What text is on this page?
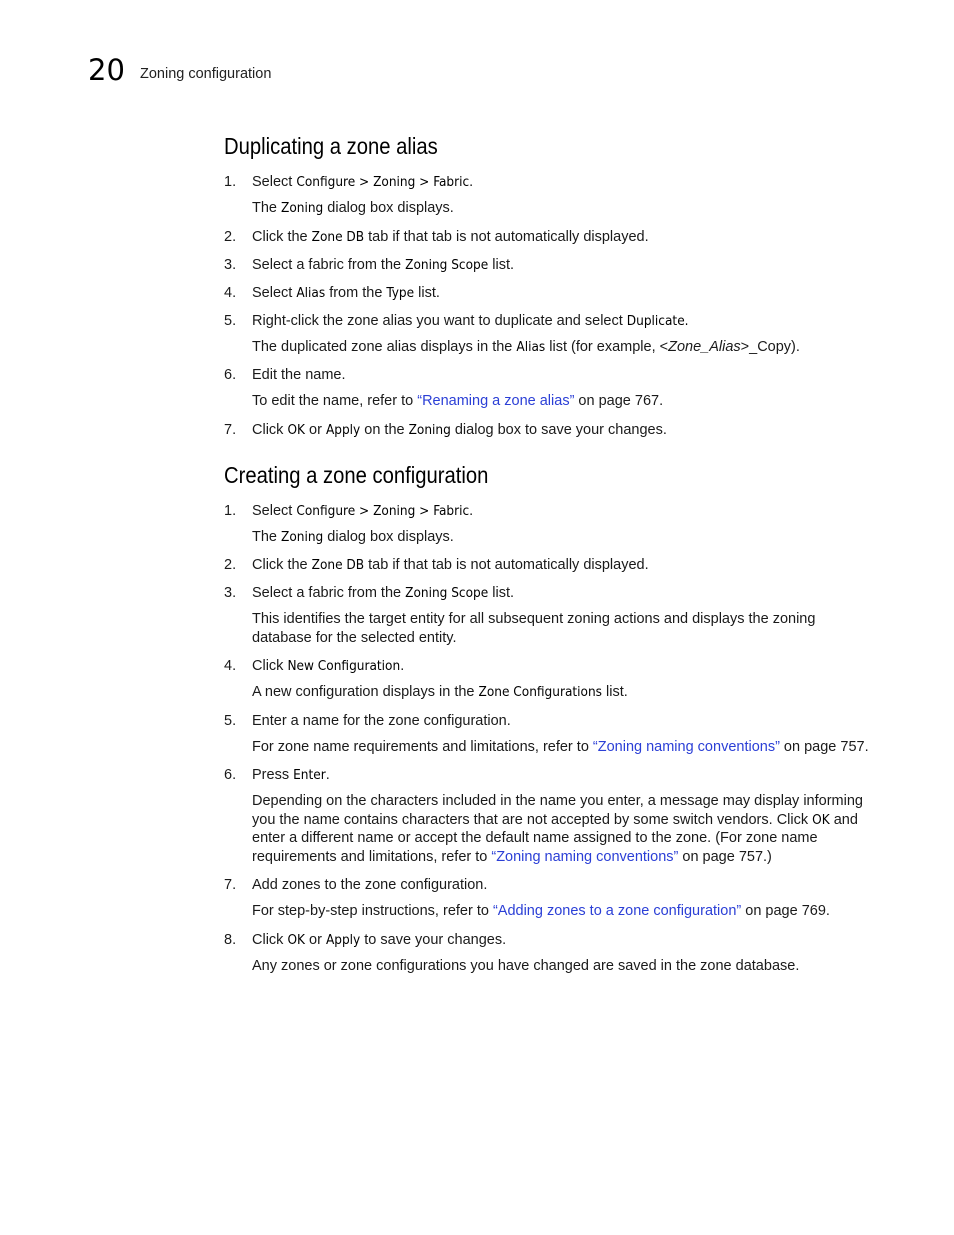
20 Zoning configuration
Duplicating a zone alias
1.	Select Configure > Zoning > Fabric.
The Zoning dialog box displays.
2.	Click the Zone DB tab if that tab is not automatically displayed.
3.	Select a fabric from the Zoning Scope list.
4.	Select Alias from the Type list.
5.	Right-click the zone alias you want to duplicate and select Duplicate.
The duplicated zone alias displays in the Alias list (for example, <Zone_Alias>_Copy).
6.	Edit the name.
To edit the name, refer to “Renaming a zone alias” on page 767.
7.	Click OK or Apply on the Zoning dialog box to save your changes.
Creating a zone configuration
1.	Select Configure > Zoning > Fabric.
The Zoning dialog box displays.
2.	Click the Zone DB tab if that tab is not automatically displayed.
3.	Select a fabric from the Zoning Scope list.
This identifies the target entity for all subsequent zoning actions and displays the zoning database for the selected entity.
4.	Click New Configuration.
A new configuration displays in the Zone Configurations list.
5.	Enter a name for the zone configuration.
For zone name requirements and limitations, refer to “Zoning naming conventions” on page 757.
6.	Press Enter.
Depending on the characters included in the name you enter, a message may display informing you the name contains characters that are not accepted by some switch vendors. Click OK and enter a different name or accept the default name assigned to the zone. (For zone name requirements and limitations, refer to “Zoning naming conventions” on page 757.)
7.	Add zones to the zone configuration.
For step-by-step instructions, refer to “Adding zones to a zone configuration” on page 769.
8.	Click OK or Apply to save your changes.
Any zones or zone configurations you have changed are saved in the zone database.
